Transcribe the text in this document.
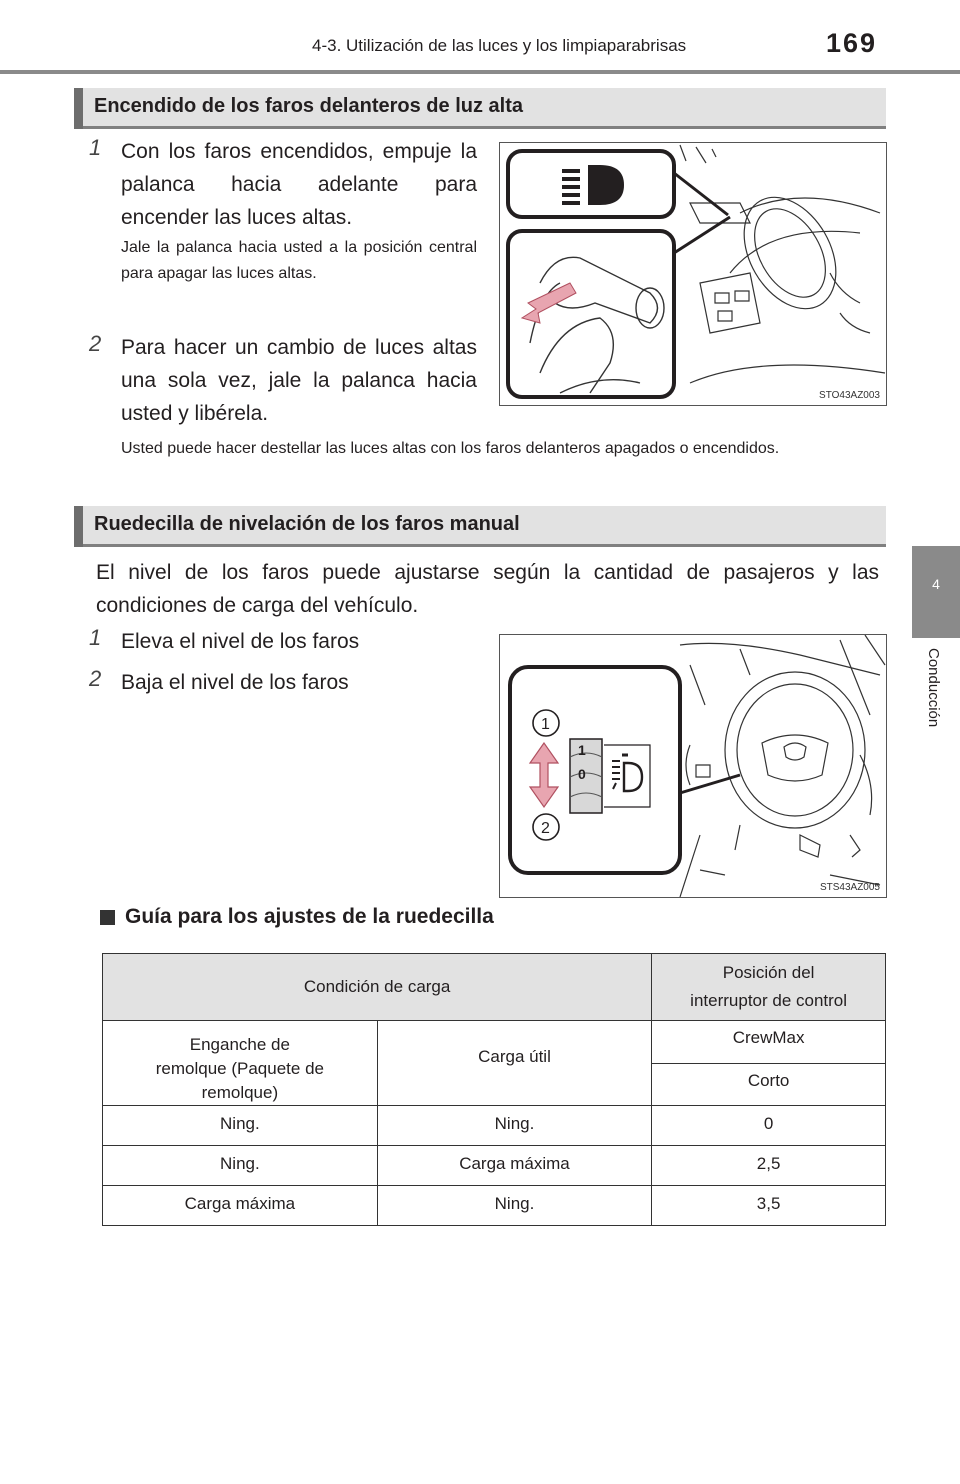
4-3. Utilización de las luces y los limpiaparabrisas	169
4
Conducción
Encendido de los faros delanteros de luz alta
1 Con los faros encendidos, empuje la palanca hacia adelante para encender las luces altas.
Jale la palanca hacia usted a la posición central para apagar las luces altas.
2 Para hacer un cambio de luces altas una sola vez, jale la palanca hacia usted y libérela.
Usted puede hacer destellar las luces altas con los faros delanteros apagados o encendidos.
STO43AZ003
Ruedecilla de nivelación de los faros manual
El nivel de los faros puede ajustarse según la cantidad de pasajeros y las condiciones de carga del vehículo.
1 Eleva el nivel de los faros
2 Baja el nivel de los faros
1
0
1
2
STS43AZ005
Guía para los ajustes de la ruedecilla
Condición de carga		Posición del interruptor de control
Enganche de remolque (Paquete de remolque)	Carga útil	CrewMax
		Corto
Ning.	Ning.	0
Ning.	Carga máxima	2,5
Carga máxima	Ning.	3,5
